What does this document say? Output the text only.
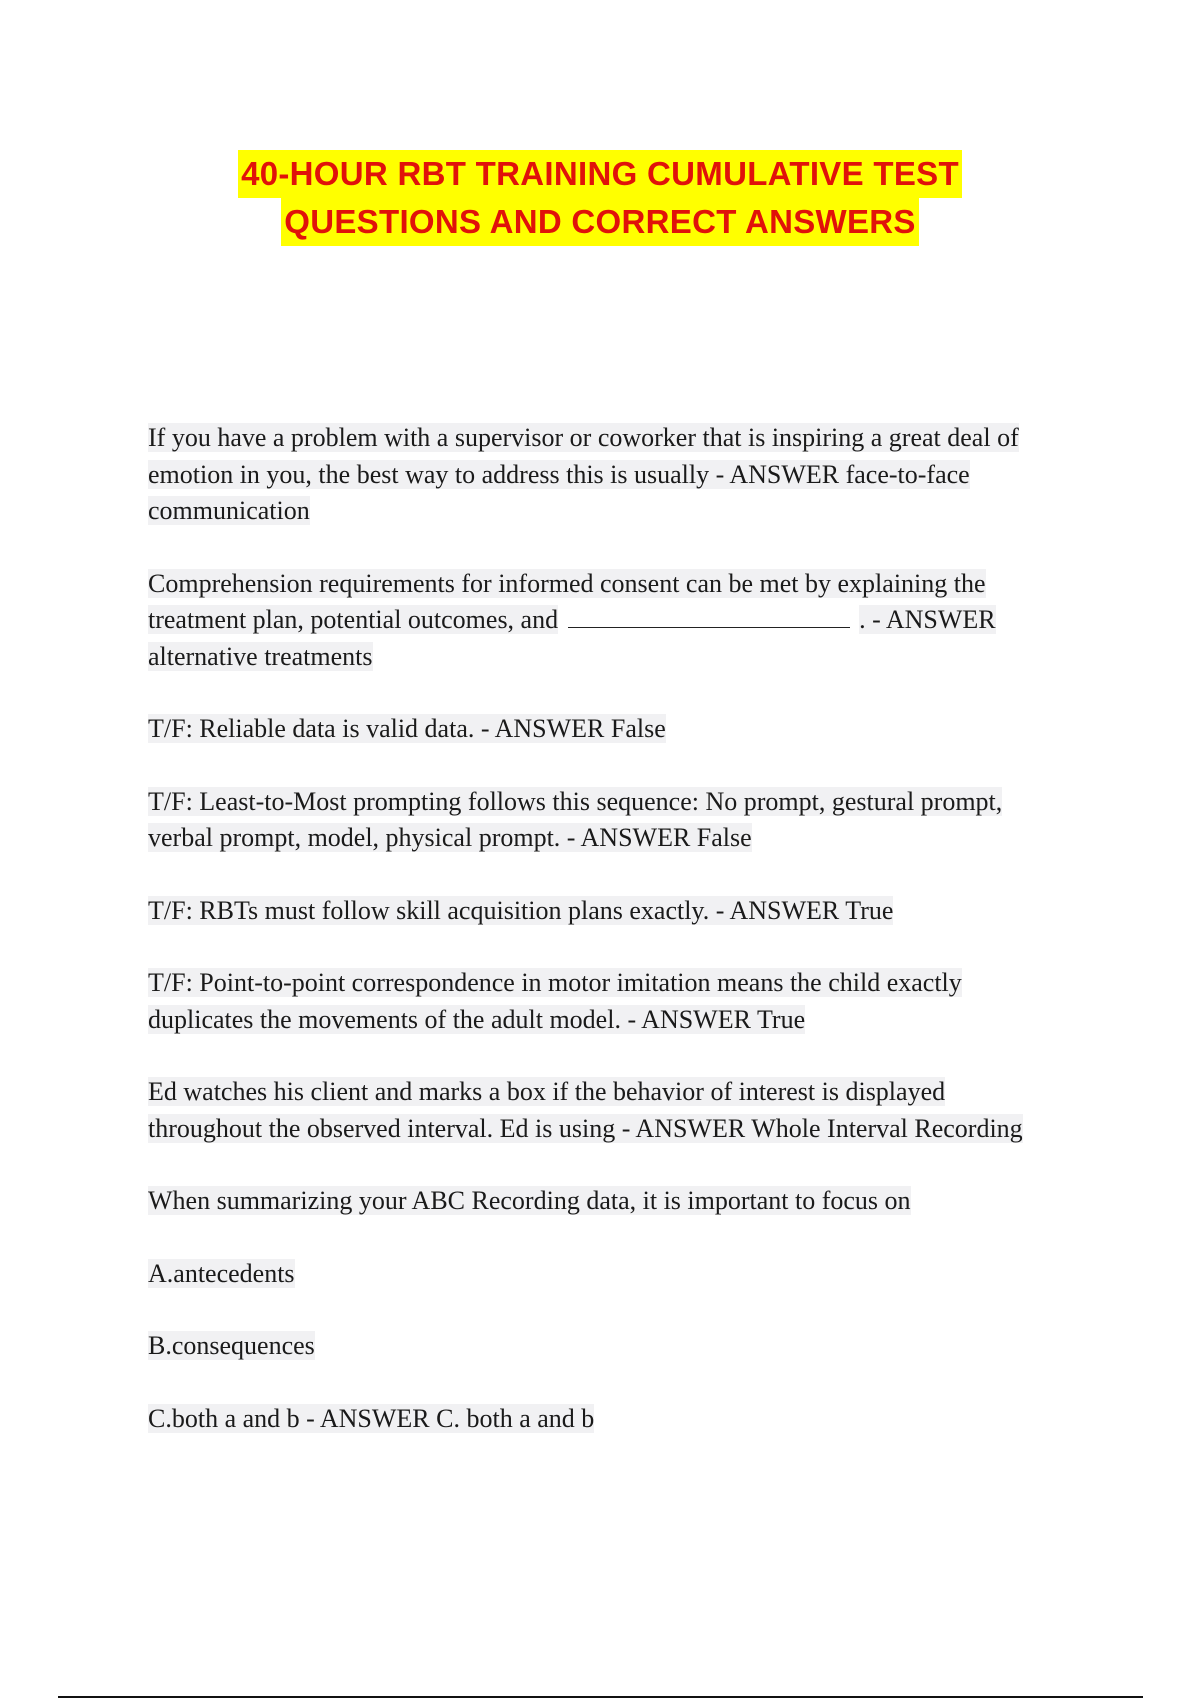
40-HOUR RBT TRAINING CUMULATIVE TEST
QUESTIONS AND CORRECT ANSWERS

If you have a problem with a supervisor or coworker that is inspiring a great deal of emotion in you, the best way to address this is usually - ANSWER face-to-face communication

Comprehension requirements for informed consent can be met by explaining the treatment plan, potential outcomes, and	. - ANSWER alternative treatments

T/F: Reliable data is valid data. - ANSWER False

T/F: Least-to-Most prompting follows this sequence: No prompt, gestural prompt, verbal prompt, model, physical prompt. - ANSWER False

T/F: RBTs must follow skill acquisition plans exactly. - ANSWER True

T/F: Point-to-point correspondence in motor imitation means the child exactly duplicates the movements of the adult model. - ANSWER True

Ed watches his client and marks a box if the behavior of interest is displayed throughout the observed interval. Ed is using - ANSWER Whole Interval Recording

When summarizing your ABC Recording data, it is important to focus on

A.antecedents

B.consequences

C.both a and b - ANSWER C. both a and b
